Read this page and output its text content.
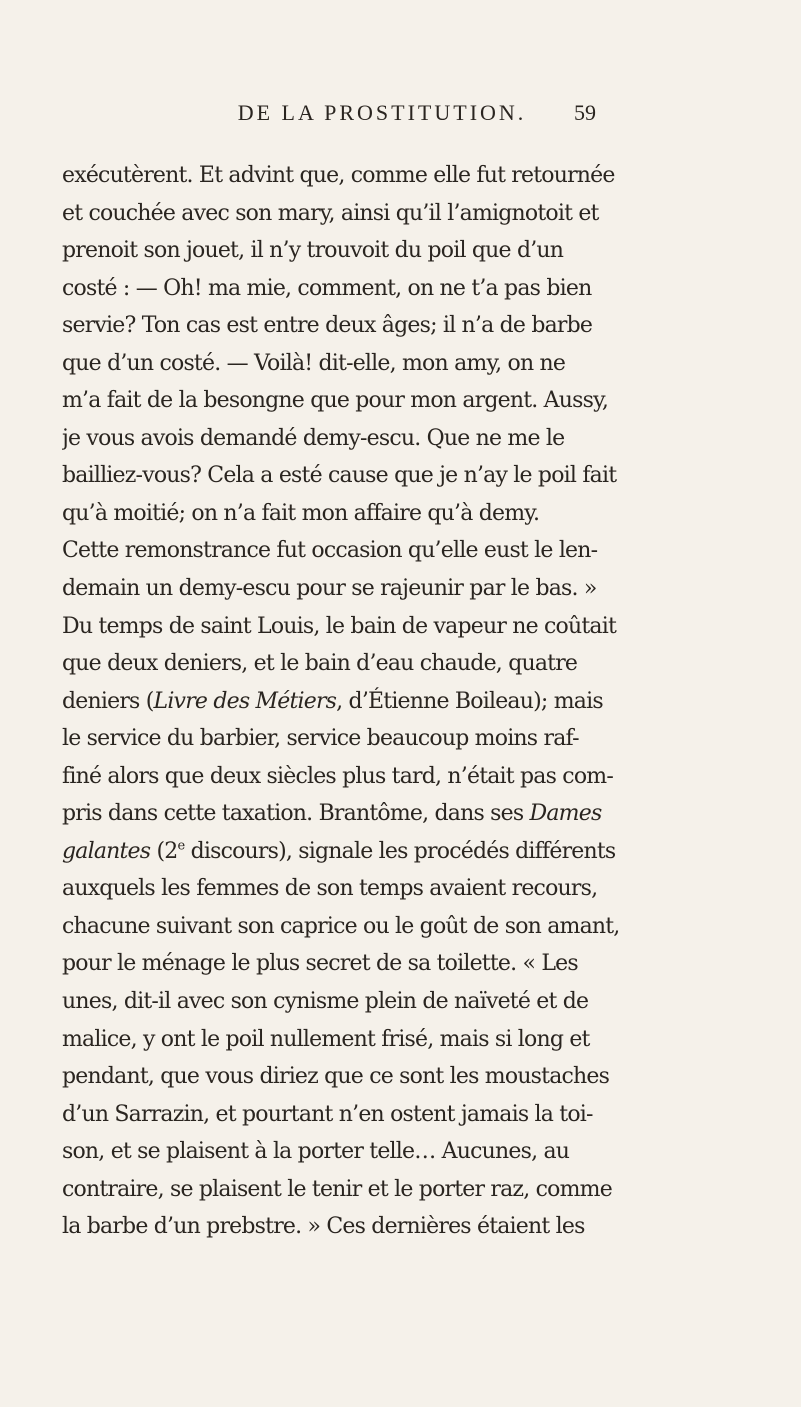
DE LA PROSTITUTION. 59
exécutèrent. Et advint que, comme elle fut retournée
et couchée avec son mary, ainsi qu’il l’amignotoit et
prenoit son jouet, il n’y trouvoit du poil que d’un
costé : — Oh! ma mie, comment, on ne t’a pas bien
servie? Ton cas est entre deux âges; il n’a de barbe
que d’un costé. — Voilà! dit-elle, mon amy, on ne
m’a fait de la besongne que pour mon argent. Aussy,
je vous avois demandé demy-escu. Que ne me le
bailliez-vous? Cela a esté cause que je n’ay le poil fait
qu’à moitié; on n’a fait mon affaire qu’à demy.
Cette remonstrance fut occasion qu’elle eust le len-
demain un demy-escu pour se rajeunir par le bas. »
Du temps de saint Louis, le bain de vapeur ne coûtait
que deux deniers, et le bain d’eau chaude, quatre
deniers (Livre des Métiers, d’Étienne Boileau); mais
le service du barbier, service beaucoup moins raf-
finé alors que deux siècles plus tard, n’était pas com-
pris dans cette taxation. Brantôme, dans ses Dames
galantes (2e discours), signale les procédés différents
auxquels les femmes de son temps avaient recours,
chacune suivant son caprice ou le goût de son amant,
pour le ménage le plus secret de sa toilette. « Les
unes, dit-il avec son cynisme plein de naïveté et de
malice, y ont le poil nullement frisé, mais si long et
pendant, que vous diriez que ce sont les moustaches
d’un Sarrazin, et pourtant n’en ostent jamais la toi-
son, et se plaisent à la porter telle… Aucunes, au
contraire, se plaisent le tenir et le porter raz, comme
la barbe d’un prebstre. » Ces dernières étaient les
